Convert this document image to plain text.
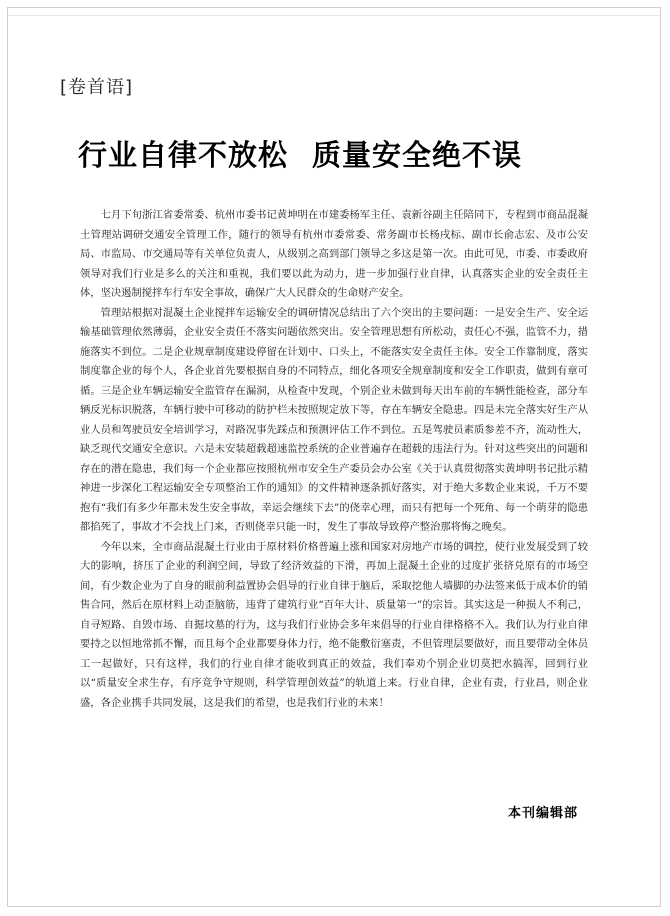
[卷首语]
行业自律不放松 质量安全绝不误

七月下旬浙江省委常委、杭州市委书记黄坤明在市建委杨军主任、袁新谷副主任陪同下，专程到市商品混凝土管理站调研交通安全管理工作，随行的领导有杭州市委常委、常务副市长杨戌标、副市长俞志宏、及市公安局、市监局、市交通局等有关单位负责人，从级别之高到部门领导之多这是第一次。由此可见，市委、市委政府领导对我们行业是多么的关注和重视，我们要以此为动力，进一步加强行业自律，认真落实企业的安全责任主体，坚决遏制搅拌车行车安全事故，确保广大人民群众的生命财产安全。

管理站根据对混凝土企业搅拌车运输安全的调研情况总结出了六个突出的主要问题：一是安全生产、安全运输基础管理依然薄弱，企业安全责任不落实问题依然突出。安全管理思想有所松动，责任心不强，监管不力，措施落实不到位。二是企业规章制度建设停留在计划中、口头上，不能落实安全责任主体。安全工作靠制度，落实制度靠企业的每个人，各企业首先要根据自身的不同特点，细化各项安全规章制度和安全工作职责，做到有章可循。三是企业车辆运输安全监管存在漏洞，从检查中发现，个别企业未做到每天出车前的车辆性能检查，部分车辆反光标识脱落，车辆行驶中可移动的防护栏未按照规定放下等，存在车辆安全隐患。四是未完全落实好生产从业人员和驾驶员安全培训学习，对路况事先踩点和预测评估工作不到位。五是驾驶员素质参差不齐，流动性大，缺乏现代交通安全意识。六是未安装超载超速监控系统的企业普遍存在超载的违法行为。针对这些突出的问题和存在的潜在隐患，我们每一个企业都应按照杭州市安全生产委员会办公室《关于认真贯彻落实黄坤明书记批示精神进一步深化工程运输安全专项整治工作的通知》的文件精神逐条抓好落实，对于绝大多数企业来说，千万不要抱有“我们有多少年都未发生安全事故，幸运会继续下去”的侥幸心理，而只有把每一个死角、每一个萌芽的隐患都掐死了，事故才不会找上门来，否则侥幸只能一时，发生了事故导致停产整治那将悔之晚矣。

今年以来，全市商品混凝土行业由于原材料价格普遍上涨和国家对房地产市场的调控，使行业发展受到了较大的影响，挤压了企业的利润空间，导致了经济效益的下滑，再加上混凝土企业的过度扩张挤兑原有的市场空间，有少数企业为了自身的眼前利益置协会倡导的行业自律于脑后，采取挖他人墙脚的办法签来低于成本价的销售合同，然后在原材料上动歪脑筋，违背了建筑行业“百年大计、质量第一”的宗旨。其实这是一种损人不利己，自寻短路、自毁市场、自掘坟墓的行为，这与我们行业协会多年来倡导的行业自律格格不入。我们认为行业自律要持之以恒地常抓不懈，而且每个企业都要身体力行，绝不能敷衍塞责，不但管理层要做好，而且要带动全体员工一起做好，只有这样，我们的行业自律才能收到真正的效益，我们奉劝个别企业切莫把水搞浑，回到行业以“质量安全求生存，有序竞争守规则，科学管理创效益”的轨道上来。行业自律，企业有责，行业昌，则企业盛，各企业携手共同发展，这是我们的希望，也是我们行业的未来！

本刊编辑部
